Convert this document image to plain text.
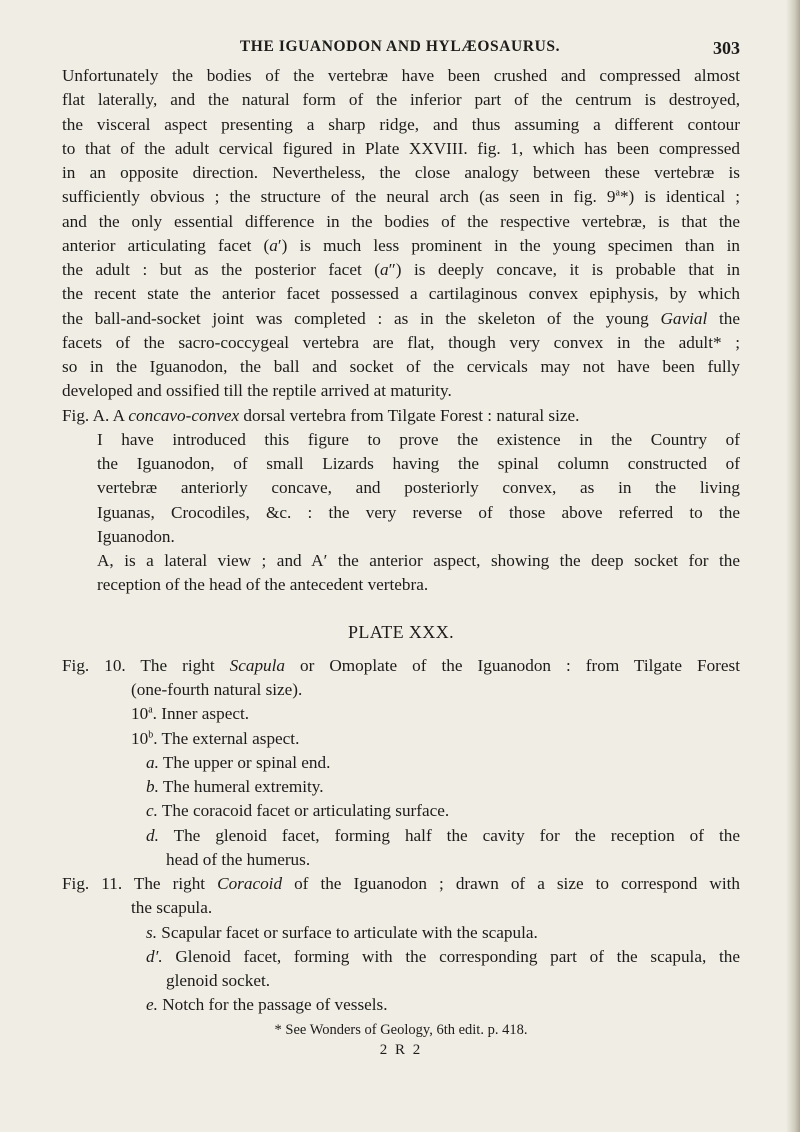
THE IGUANODON AND HYLÆOSAURUS.	303

Unfortunately the bodies of the vertebræ have been crushed and compressed almost

flat laterally, and the natural form of the inferior part of the centrum is destroyed,

the visceral aspect presenting a sharp ridge, and thus assuming a different contour

to that of the adult cervical figured in Plate XXVIII. fig. 1, which has been compressed

in an opposite direction. Nevertheless, the close analogy between these vertebræ is

sufficiently obvious ; the structure of the neural arch (as seen in fig. 9$^a$*) is identical ;

and the only essential difference in the bodies of the respective vertebræ, is that the

anterior articulating facet (a′) is much less prominent in the young specimen than in

the adult : but as the posterior facet (a″) is deeply concave, it is probable that in

the recent state the anterior facet possessed a cartilaginous convex epiphysis, by which

the ball-and-socket joint was completed : as in the skeleton of the young Gavial the

facets of the sacro-coccygeal vertebra are flat, though very convex in the adult* ;

so in the Iguanodon, the ball and socket of the cervicals may not have been fully

developed and ossified till the reptile arrived at maturity.

Fig. A. A concavo-convex dorsal vertebra from Tilgate Forest : natural size.

I have introduced this figure to prove the existence in the Country of

the Iguanodon, of small Lizards having the spinal column constructed of

vertebræ anteriorly concave, and posteriorly convex, as in the living

Iguanas, Crocodiles, &c. : the very reverse of those above referred to the

Iguanodon.

A, is a lateral view ; and A′ the anterior aspect, showing the deep socket for the

reception of the head of the antecedent vertebra.

PLATE XXX.

Fig. 10. The right Scapula or Omoplate of the Iguanodon : from Tilgate Forest

(one-fourth natural size).

10$^a$. Inner aspect.

10$^b$. The external aspect.

a. The upper or spinal end.

b. The humeral extremity.

c. The coracoid facet or articulating surface.

d. The glenoid facet, forming half the cavity for the reception of the

head of the humerus.

Fig. 11. The right Coracoid of the Iguanodon ; drawn of a size to correspond with

the scapula.

s. Scapular facet or surface to articulate with the scapula.

d′. Glenoid facet, forming with the corresponding part of the scapula, the

glenoid socket.

e. Notch for the passage of vessels.

* See Wonders of Geology, 6th edit. p. 418.

2 R 2
